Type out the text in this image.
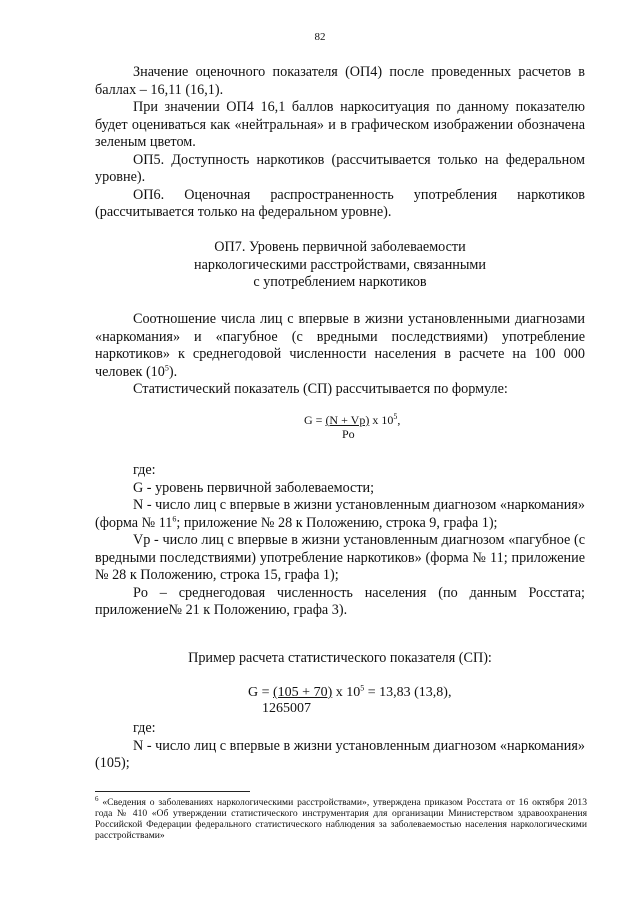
82

Значение оценочного показателя (ОП4) после проведенных расчетов в баллах – 16,11 (16,1).

При значении ОП4 16,1 баллов наркоситуация по данному показателю будет оцениваться как «нейтральная» и в графическом изображении обозначена зеленым цветом.

ОП5. Доступность наркотиков (рассчитывается только на федеральном уровне).

ОП6. Оценочная распространенность употребления наркотиков (рассчитывается только на федеральном уровне).

ОП7. Уровень первичной заболеваемости
наркологическими расстройствами, связанными
с употреблением наркотиков

Соотношение числа лиц с впервые в жизни установленными диагнозами «наркомания» и «пагубное (с вредными последствиями) употребление наркотиков» к среднегодовой численности населения в расчете на 100 000 человек $(10^5)$.

Статистический показатель (СП) рассчитывается по формуле:

G = (N + Vp) x $10^5$,
Po

где:

G - уровень первичной заболеваемости;

N - число лиц с впервые в жизни установленным диагнозом «наркомания» (форма № $11^6$; приложение № 28 к Положению, строка 9, графа 1);

Vp - число лиц с впервые в жизни установленным диагнозом «пагубное (с вредными последствиями) употребление наркотиков» (форма № 11; приложение № 28 к Положению, строка 15, графа 1);

Po – среднегодовая численность населения (по данным Росстата; приложение№ 21 к Положению, графа 3).

Пример расчета статистического показателя (СП):
G = (105 + 70) x $10^5 = 13,83$ (13,8),
1265007

где:

N - число лиц с впервые в жизни установленным диагнозом «наркомания» (105);

$^6$ «Сведения о заболеваниях наркологическими расстройствами», утверждена приказом Росстата от 16 октября 2013 года № 410 «Об утверждении статистического инструментария для организации Министерством здравоохранения Российской Федерации федерального статистического наблюдения за заболеваемостью населения наркологическими расстройствами»
